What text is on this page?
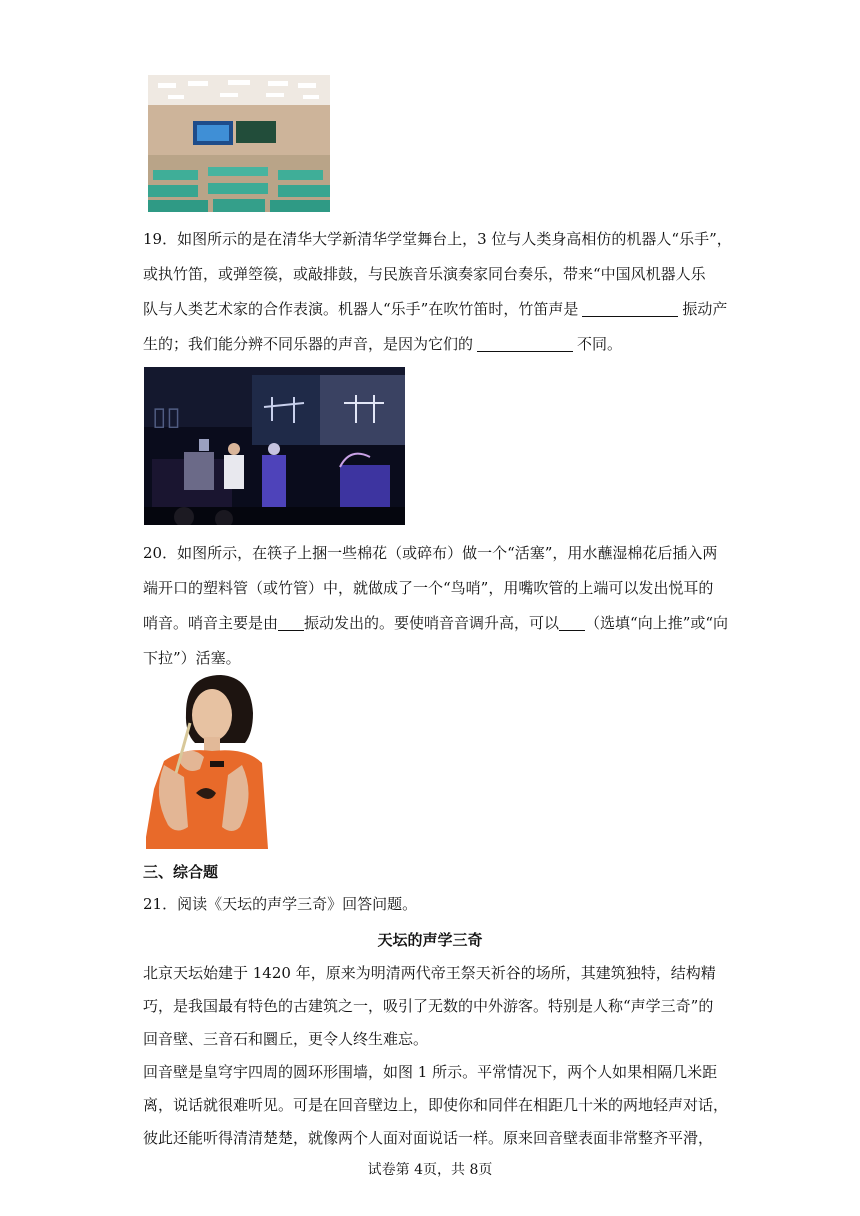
19．如图所示的是在清华大学新清华学堂舞台上，3 位与人类身高相仿的机器人“乐手”，
或执竹笛，或弹箜篌，或敲排鼓，与民族音乐演奏家同台奏乐，带来“中国风机器人乐
队与人类艺术家的合作表演。机器人“乐手”在吹竹笛时，竹笛声是	振动产
生的；我们能分辨不同乐器的声音，是因为它们的	不同。
▯▯
20．如图所示，在筷子上捆一些棉花（或碎布）做一个“活塞”，用水蘸湿棉花后插入两
端开口的塑料管（或竹管）中，就做成了一个“鸟哨”，用嘴吹管的上端可以发出悦耳的
哨音。哨音主要是由 振动发出的。要使哨音音调升高，可以 （选填“向上推”或“向
下拉”）活塞。

三、综合题

21．阅读《天坛的声学三奇》回答问题。

天坛的声学三奇

北京天坛始建于 1420 年，原来为明清两代帝王祭天祈谷的场所，其建筑独特，结构精
巧，是我国最有特色的古建筑之一，吸引了无数的中外游客。特别是人称“声学三奇”的
回音壁、三音石和圜丘，更令人终生难忘。
回音壁是皇穹宇四周的圆环形围墙，如图 1 所示。平常情况下，两个人如果相隔几米距
离，说话就很难听见。可是在回音壁边上，即使你和同伴在相距几十米的两地轻声对话，
彼此还能听得清清楚楚，就像两个人面对面说话一样。原来回音壁表面非常整齐平滑，
试卷第 4页，共 8页
